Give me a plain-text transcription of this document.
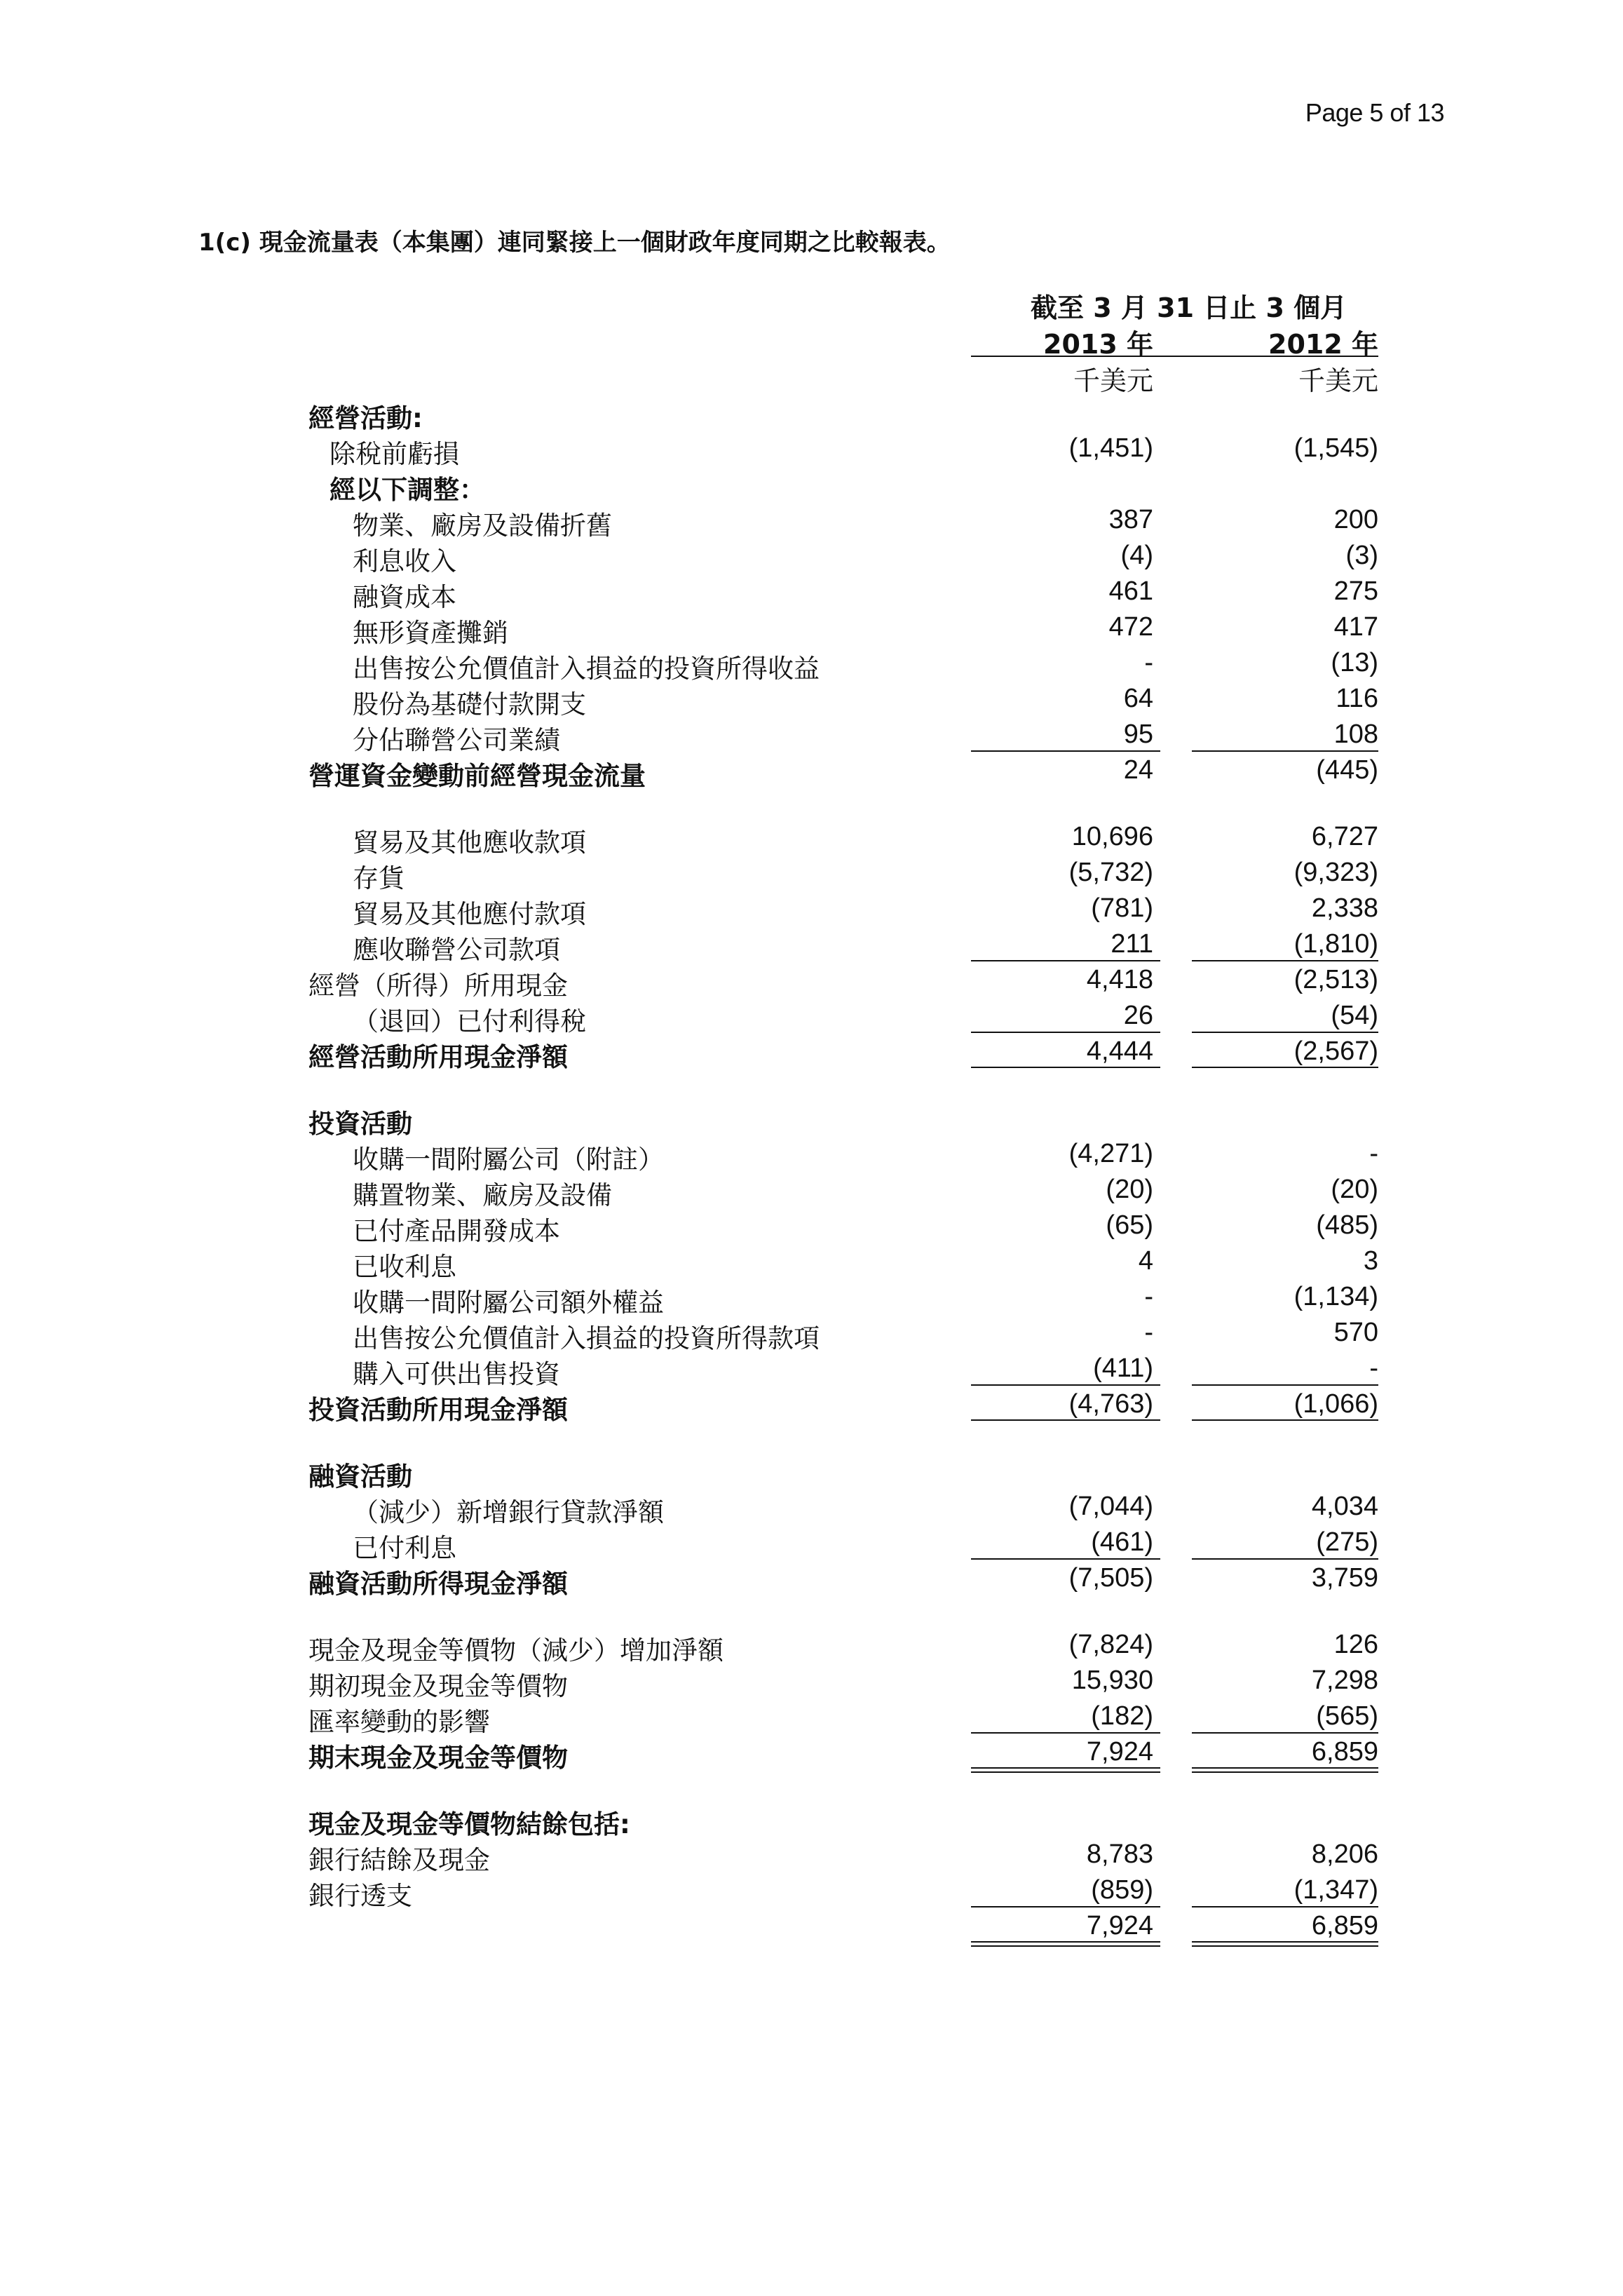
Page 5 of 13
1(c) 現金流量表（本集團）連同緊接上一個財政年度同期之比較報表。
截至 3 月 31 日止 3 個月
2013 年	2012 年
千美元	千美元
經營活動:
除稅前虧損	(1,451)	(1,545)
經以下調整：
物業、廠房及設備折舊	387	200
利息收入	(4)	(3)
融資成本	461	275
無形資產攤銷	472	417
出售按公允價值計入損益的投資所得收益	-	(13)
股份為基礎付款開支	64	116
分佔聯營公司業績	95	108
營運資金變動前經營現金流量	24	(445)
貿易及其他應收款項	10,696	6,727
存貨	(5,732)	(9,323)
貿易及其他應付款項	(781)	2,338
應收聯營公司款項	211	(1,810)
經營（所得）所用現金	4,418	(2,513)
（退回）已付利得稅	26	(54)
經營活動所用現金淨額	4,444	(2,567)
投資活動
收購一間附屬公司（附註）	(4,271)	-
購置物業、廠房及設備	(20)	(20)
已付產品開發成本	(65)	(485)
已收利息	4	3
收購一間附屬公司額外權益	-	(1,134)
出售按公允價值計入損益的投資所得款項	-	570
購入可供出售投資	(411)	-
投資活動所用現金淨額	(4,763)	(1,066)
融資活動
（減少）新增銀行貸款淨額	(7,044)	4,034
已付利息	(461)	(275)
融資活動所得現金淨額	(7,505)	3,759
現金及現金等價物（減少）增加淨額	(7,824)	126
期初現金及現金等價物	15,930	7,298
匯率變動的影響	(182)	(565)
期末現金及現金等價物	7,924	6,859
現金及現金等價物結餘包括:
銀行結餘及現金	8,783	8,206
銀行透支	(859)	(1,347)
7,924	6,859
